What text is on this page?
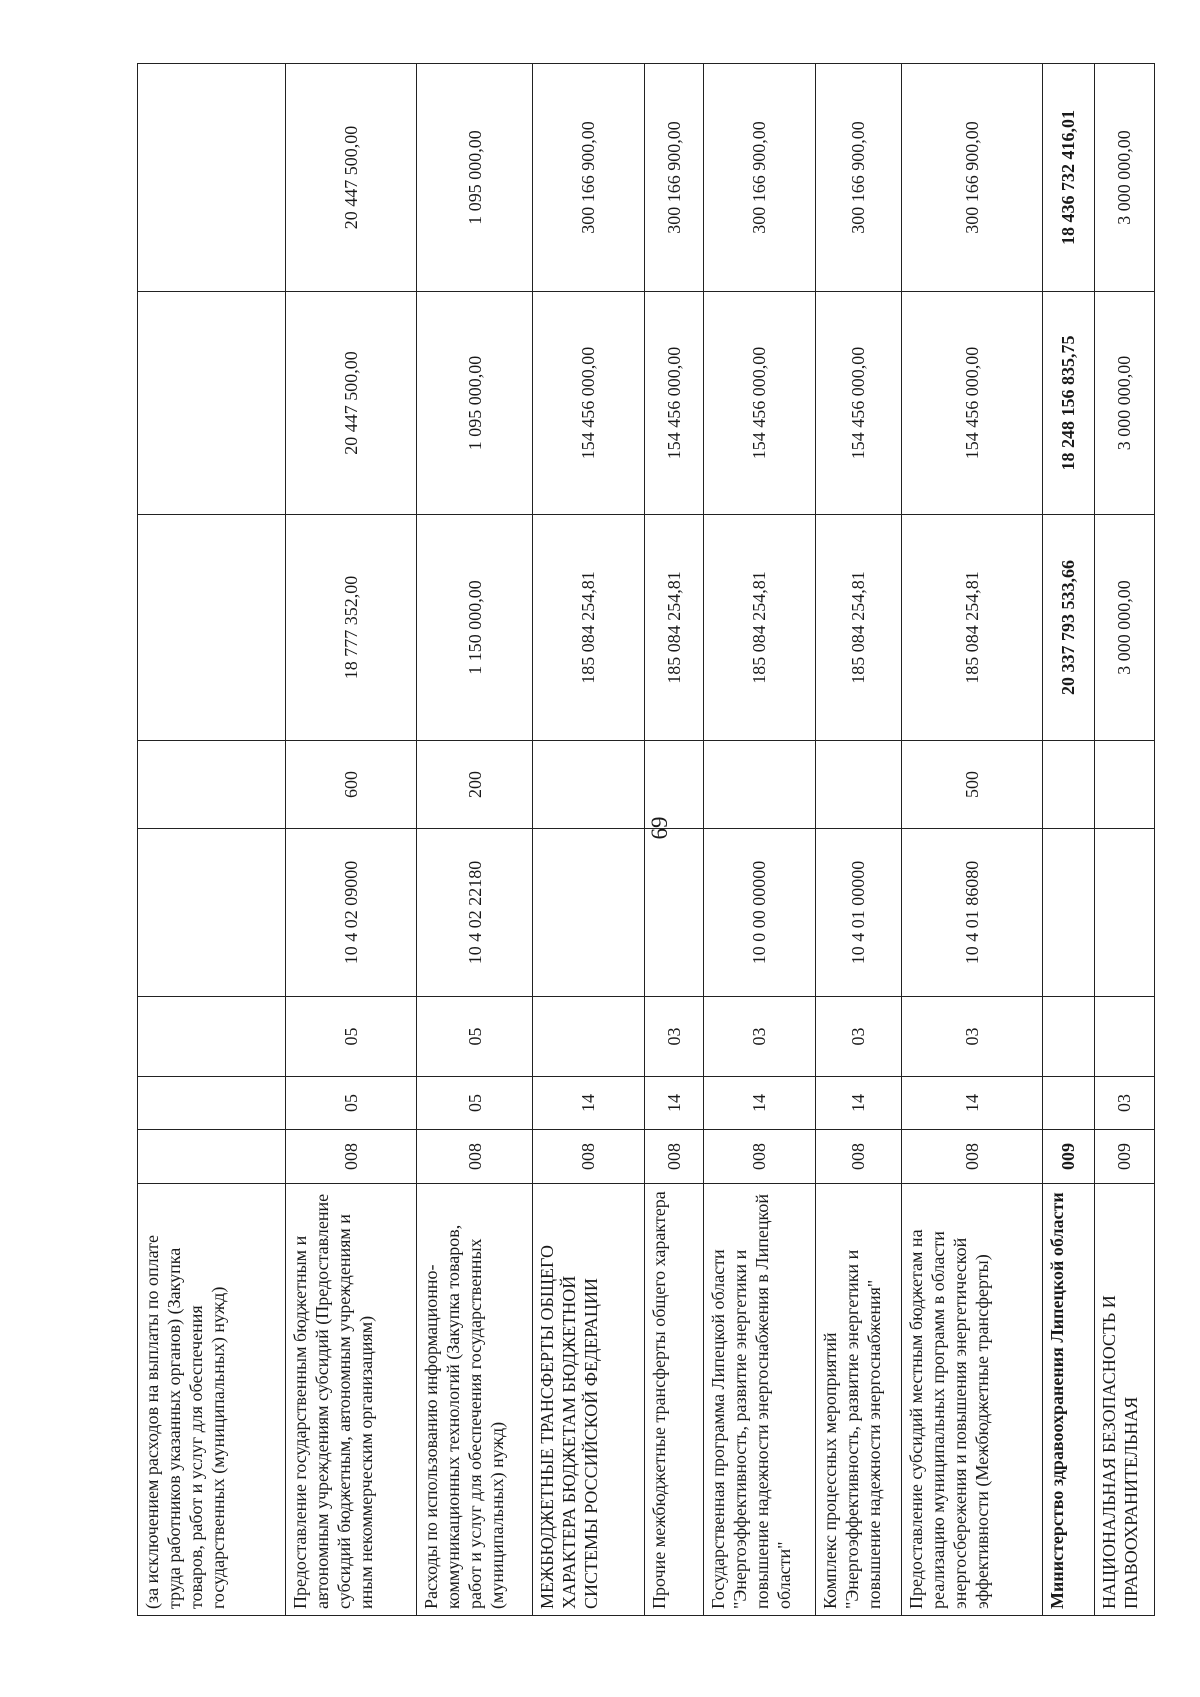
69
(за исключением расходов на выплаты по оплате труда работников указанных органов) (Закупка товаров, работ и услуг для обеспечения государственных (муниципальных) нужд)								
Предоставление государственным бюджетным и автономным учреждениям субсидий (Предоставление субсидий бюджетным, автономным учреждениям и иным некоммерческим организациям)	008	05	05	10 4 02 09000	600	18 777 352,00	20 447 500,00	20 447 500,00
Расходы по использованию информационно-коммуникационных технологий (Закупка товаров, работ и услуг для обеспечения государственных (муниципальных) нужд)	008	05	05	10 4 02 22180	200	1 150 000,00	1 095 000,00	1 095 000,00
МЕЖБЮДЖЕТНЫЕ ТРАНСФЕРТЫ ОБЩЕГО ХАРАКТЕРА БЮДЖЕТАМ БЮДЖЕТНОЙ СИСТЕМЫ РОССИЙСКОЙ ФЕДЕРАЦИИ	008	14				185 084 254,81	154 456 000,00	300 166 900,00
Прочие межбюджетные трансферты общего характера	008	14	03			185 084 254,81	154 456 000,00	300 166 900,00
Государственная программа Липецкой области "Энергоэффективность, развитие энергетики и повышение надежности энергоснабжения в Липецкой области"	008	14	03	10 0 00 00000		185 084 254,81	154 456 000,00	300 166 900,00
Комплекс процессных мероприятий "Энергоэффективность, развитие энергетики и повышение надежности энергоснабжения"	008	14	03	10 4 01 00000		185 084 254,81	154 456 000,00	300 166 900,00
Предоставление субсидий местным бюджетам на реализацию муниципальных программ в области энергосбережения и повышения энергетической эффективности (Межбюджетные трансферты)	008	14	03	10 4 01 86080	500	185 084 254,81	154 456 000,00	300 166 900,00
Министерство здравоохранения Липецкой области	009					20 337 793 533,66	18 248 156 835,75	18 436 732 416,01
НАЦИОНАЛЬНАЯ БЕЗОПАСНОСТЬ И ПРАВООХРАНИТЕЛЬНАЯ	009	03				3 000 000,00	3 000 000,00	3 000 000,00
